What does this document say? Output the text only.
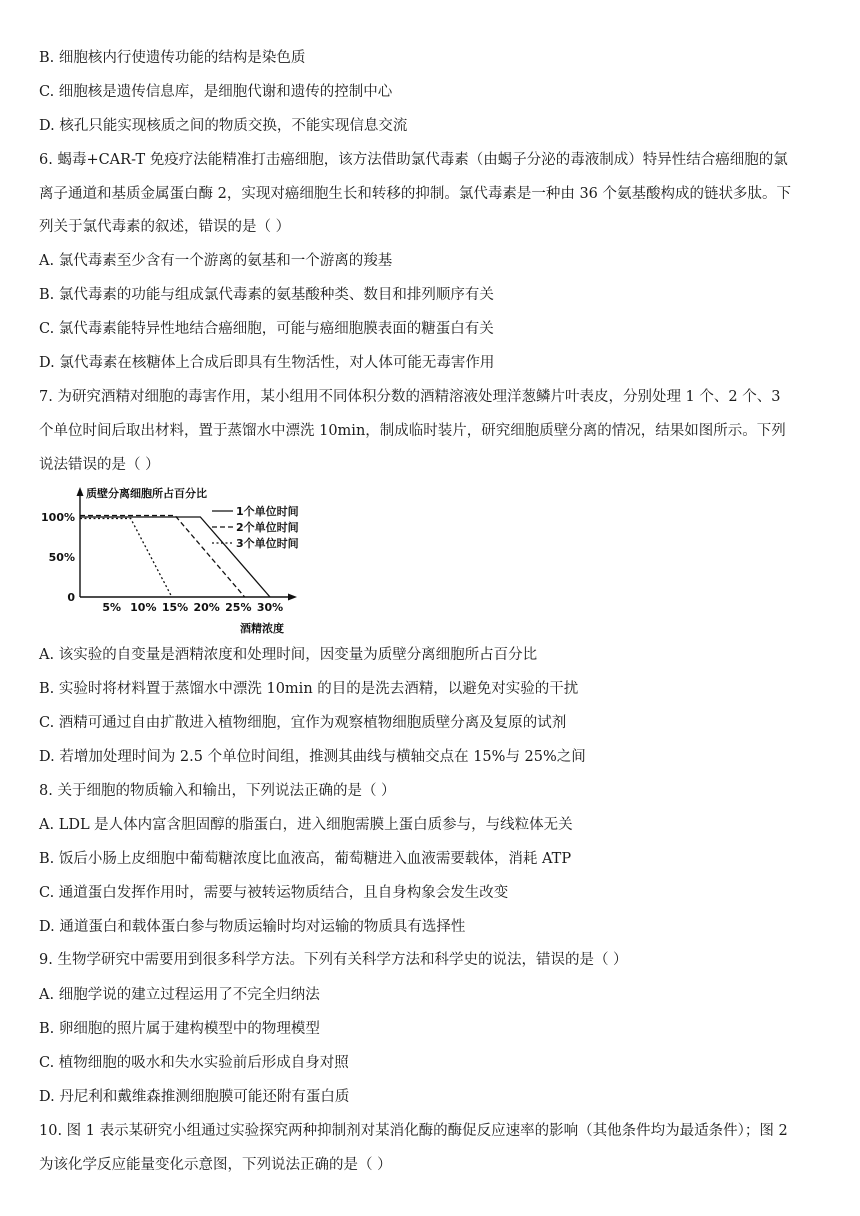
B. 细胞核内行使遗传功能的结构是染色质
C. 细胞核是遗传信息库，是细胞代谢和遗传的控制中心
D. 核孔只能实现核质之间的物质交换，不能实现信息交流
6. 蝎毒+CAR-T 免疫疗法能精准打击癌细胞，该方法借助氯代毒素（由蝎子分泌的毒液制成）特异性结合癌细胞的氯
离子通道和基质金属蛋白酶 2，实现对癌细胞生长和转移的抑制。氯代毒素是一种由 36 个氨基酸构成的链状多肽。下
列关于氯代毒素的叙述，错误的是（ ）
A. 氯代毒素至少含有一个游离的氨基和一个游离的羧基
B. 氯代毒素的功能与组成氯代毒素的氨基酸种类、数目和排列顺序有关
C. 氯代毒素能特异性地结合癌细胞，可能与癌细胞膜表面的糖蛋白有关
D. 氯代毒素在核糖体上合成后即具有生物活性，对人体可能无毒害作用
7. 为研究酒精对细胞的毒害作用，某小组用不同体积分数的酒精溶液处理洋葱鳞片叶表皮，分别处理 1 个、2 个、3
个单位时间后取出材料，置于蒸馏水中漂洗 10min，制成临时装片，研究细胞质壁分离的情况，结果如图所示。下列
说法错误的是（ ）
质壁分离细胞所占百分比
酒精浓度
100%
50%
0
5% 10% 15% 20% 25% 30%
1个单位时间
2个单位时间
3个单位时间
A. 该实验的自变量是酒精浓度和处理时间，因变量为质壁分离细胞所占百分比
B. 实验时将材料置于蒸馏水中漂洗 10min 的目的是洗去酒精，以避免对实验的干扰
C. 酒精可通过自由扩散进入植物细胞，宜作为观察植物细胞质壁分离及复原的试剂
D. 若增加处理时间为 2.5 个单位时间组，推测其曲线与横轴交点在 15%与 25%之间
8. 关于细胞的物质输入和输出，下列说法正确的是（ ）
A. LDL 是人体内富含胆固醇的脂蛋白，进入细胞需膜上蛋白质参与，与线粒体无关
B. 饭后小肠上皮细胞中葡萄糖浓度比血液高，葡萄糖进入血液需要载体，消耗 ATP
C. 通道蛋白发挥作用时，需要与被转运物质结合，且自身构象会发生改变
D. 通道蛋白和载体蛋白参与物质运输时均对运输的物质具有选择性
9. 生物学研究中需要用到很多科学方法。下列有关科学方法和科学史的说法，错误的是（ ）
A. 细胞学说的建立过程运用了不完全归纳法
B. 卵细胞的照片属于建构模型中的物理模型
C. 植物细胞的吸水和失水实验前后形成自身对照
D. 丹尼利和戴维森推测细胞膜可能还附有蛋白质
10. 图 1 表示某研究小组通过实验探究两种抑制剂对某消化酶的酶促反应速率的影响（其他条件均为最适条件）；图 2
为该化学反应能量变化示意图，下列说法正确的是（ ）
